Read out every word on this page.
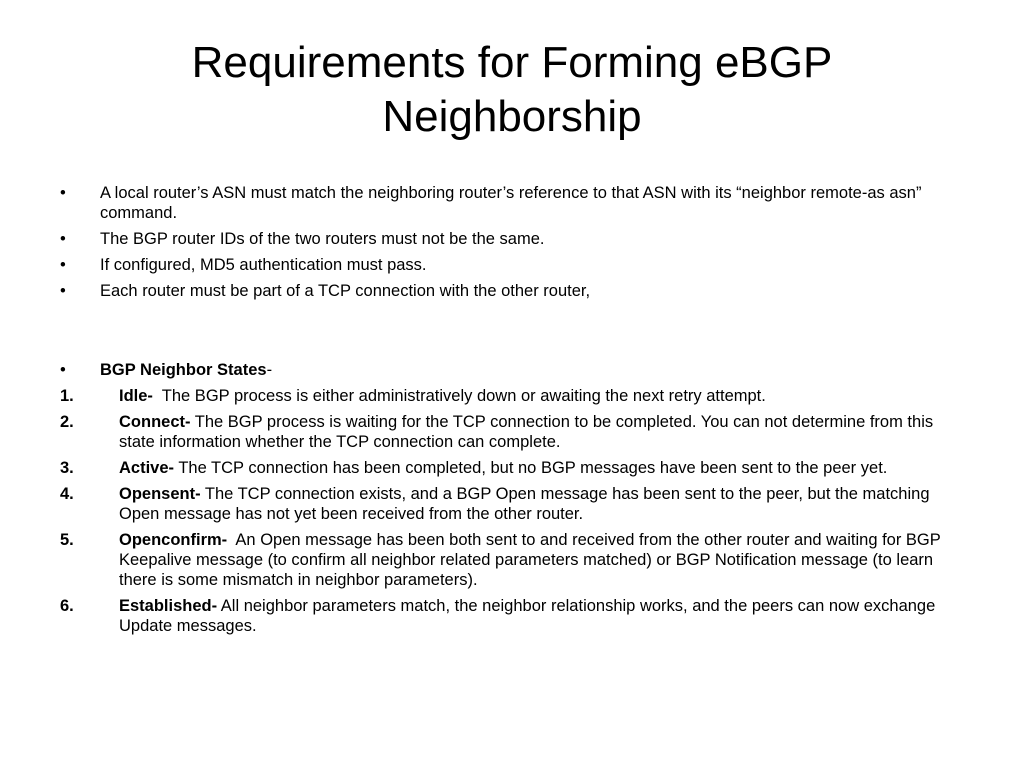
Requirements for Forming eBGP
Neighborship
• A local router’s ASN must match the neighboring router’s reference to that ASN with its “neighbor remote-as asn” command.
• The BGP router IDs of the two routers must not be the same.
• If configured, MD5 authentication must pass.
• Each router must be part of a TCP connection with the other router,
• BGP Neighbor States-
1.	Idle-  The BGP process is either administratively down or awaiting the next retry attempt.
2.	Connect- The BGP process is waiting for the TCP connection to be completed. You can not determine from this state information whether the TCP connection can complete.
3.	Active- The TCP connection has been completed, but no BGP messages have been sent to the peer yet.
4.	Opensent- The TCP connection exists, and a BGP Open message has been sent to the peer, but the matching Open message has not yet been received from the other router.
5.	Openconfirm-  An Open message has been both sent to and received from the other router and waiting for BGP Keepalive message (to confirm all neighbor related parameters matched) or BGP Notification message (to learn there is some mismatch in neighbor parameters).
6.	Established- All neighbor parameters match, the neighbor relationship works, and the peers can now exchange Update messages.
